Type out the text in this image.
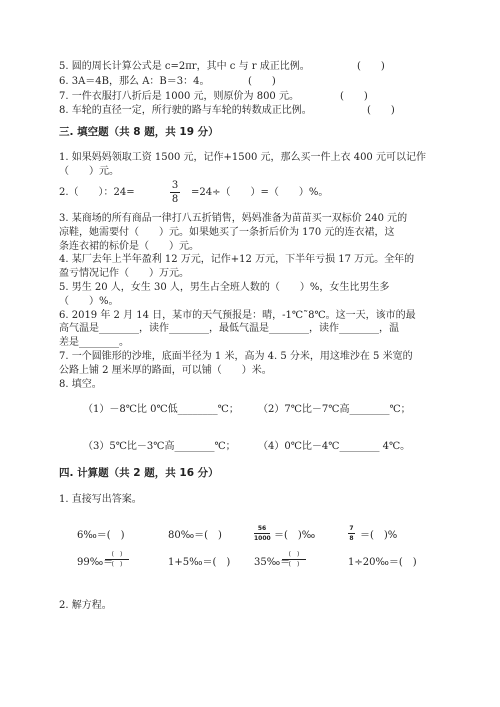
5. 圆的周长计算公式是 c=2πr，其中 c 与 r 成正比例。	(　　)
6. 3A＝4B，那么 A：B＝3：4。	(　　)
7. 一件衣服打八折后是 1000 元，则原价为 800 元。	(　　)
8. 车轮的直径一定，所行驶的路与车轮的转数成正比例。	(　　)
三. 填空题（共 8 题，共 19 分）
1. 如果妈妈领取工资 1500 元，记作+1500 元，那么买一件上衣 400 元可以记作
（　　）元。
2.（　　）：24=
3
8
=24÷（　　）=（　　）%。
3. 某商场的所有商品一律打八五折销售，妈妈准备为苗苗买一双标价 240 元的
凉鞋，她需要付（　　）元。如果她买了一条折后价为 170 元的连衣裙，这
条连衣裙的标价是（　　）元。
4. 某厂去年上半年盈利 12 万元，记作+12 万元，下半年亏损 17 万元。全年的
盈亏情况记作（　　）万元。
5. 男生 20 人，女生 30 人，男生占全班人数的（　　）%，女生比男生多
（　　）%。
6. 2019 年 2 月 14 日，某市的天气预报是：晴，-1℃˜8℃。这一天，该市的最
高气温是________，读作________，最低气温是________，读作________，温
差是________。
7. 一个圆锥形的沙堆，底面半径为 1 米，高为 4. 5 分米，用这堆沙在 5 米宽的
公路上铺 2 厘米厚的路面，可以铺（　　）米。
8. 填空。
（1）－8℃比 0℃低________℃； （2）7℃比－7℃高________℃；
（3）5℃比－3℃高________℃； （4）0℃比－4℃________ 4℃。
四. 计算题（共 2 题，共 16 分）
1. 直接写出答案。
6‰＝(　)	80‰＝(　)
56
1000 ＝(　)‰
7
8 ＝(　)%
99‰＝
(　)
(　)	1+5‰＝(　) 35‰＝
(　)
(　)	1÷20‰＝(　)
2. 解方程。
